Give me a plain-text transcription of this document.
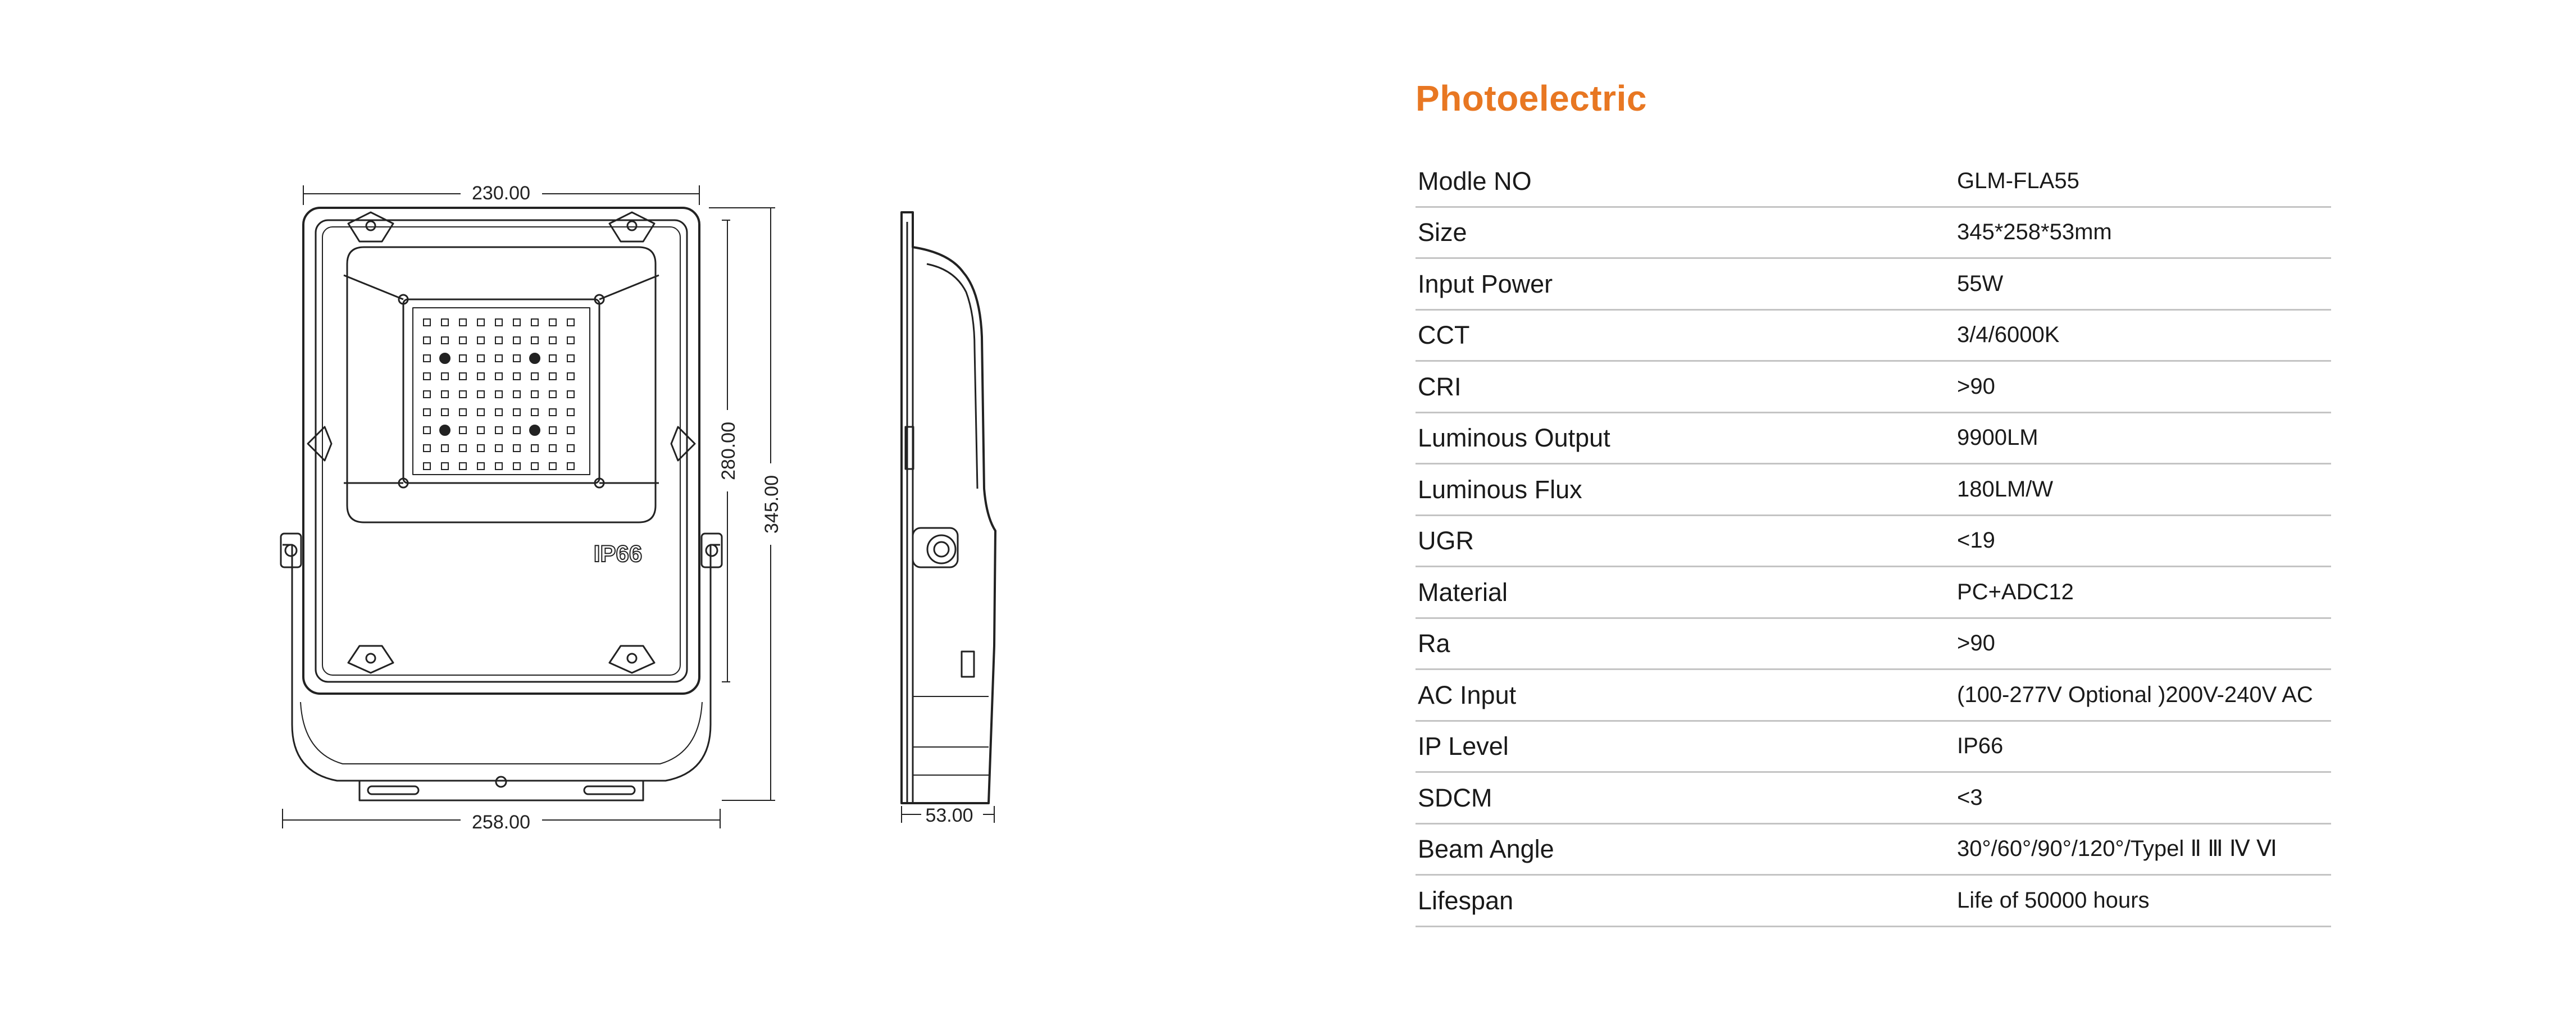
230.00
258.00
280.00
345.00
53.00
IP66
Photoelectric
Modle NO	GLM-FLA55
Size	345*258*53mm
Input Power	55W
CCT	3/4/6000K
CRI	>90
Luminous Output	9900LM
Luminous Flux	180LM/W
UGR	<19
Material	PC+ADC12
Ra	>90
AC Input	(100-277V Optional )200V-240V AC
IP Level	IP66
SDCM	<3
Beam Angle	30°/60°/90°/120°/Typel Ⅱ Ⅲ Ⅳ Ⅵ
Lifespan	Life of 50000 hours
